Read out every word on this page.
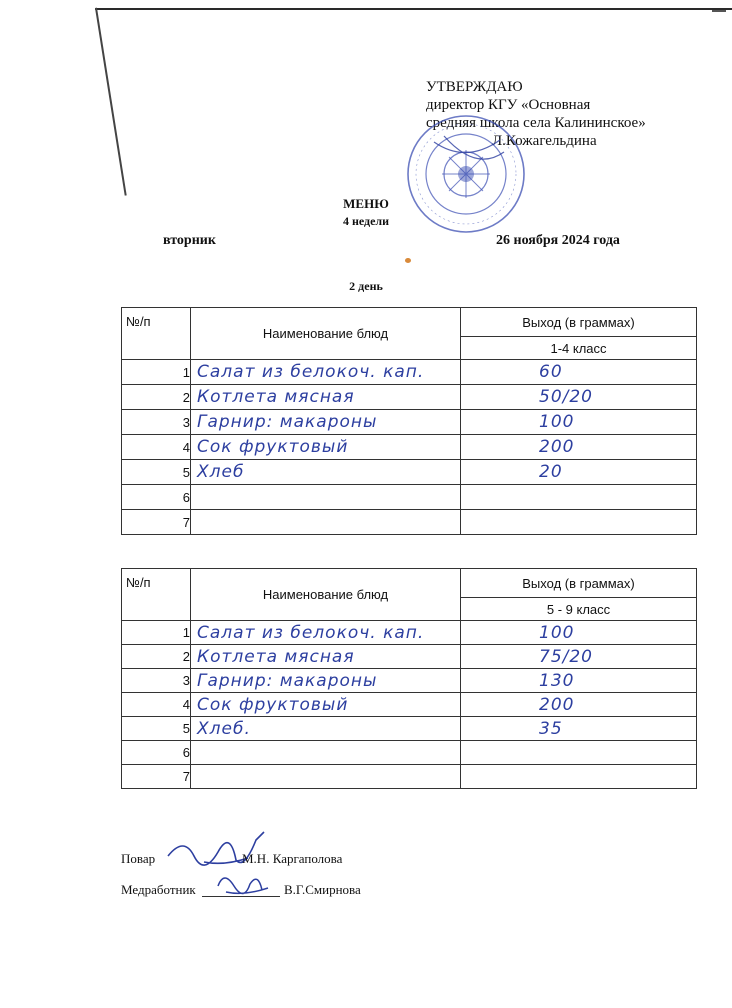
УТВЕРЖДАЮ
директор КГУ «Основная
средняя школа села Калининское»
Л.Кожагельдина
МЕНЮ
4 недели
вторник	26 ноября 2024 года
2 день
№/п	Наименование блюд	Выход (в граммах)
		1-4 класс
1	Салат из белокоч. кап.	60
2	Котлета мясная	50/20
3	Гарнир: макароны	100
4	Сок фруктовый	200
5	Хлеб	20
6		
7		
№/п	Наименование блюд	Выход (в граммах)
		5 - 9 класс
1	Салат из белокоч. кап.	100
2	Котлета мясная	75/20
3	Гарнир: макароны	130
4	Сок фруктовый	200
5	Хлеб.	35
6		
7		
Повар	М.Н. Каргаполова
Медработник	В.Г.Смирнова
